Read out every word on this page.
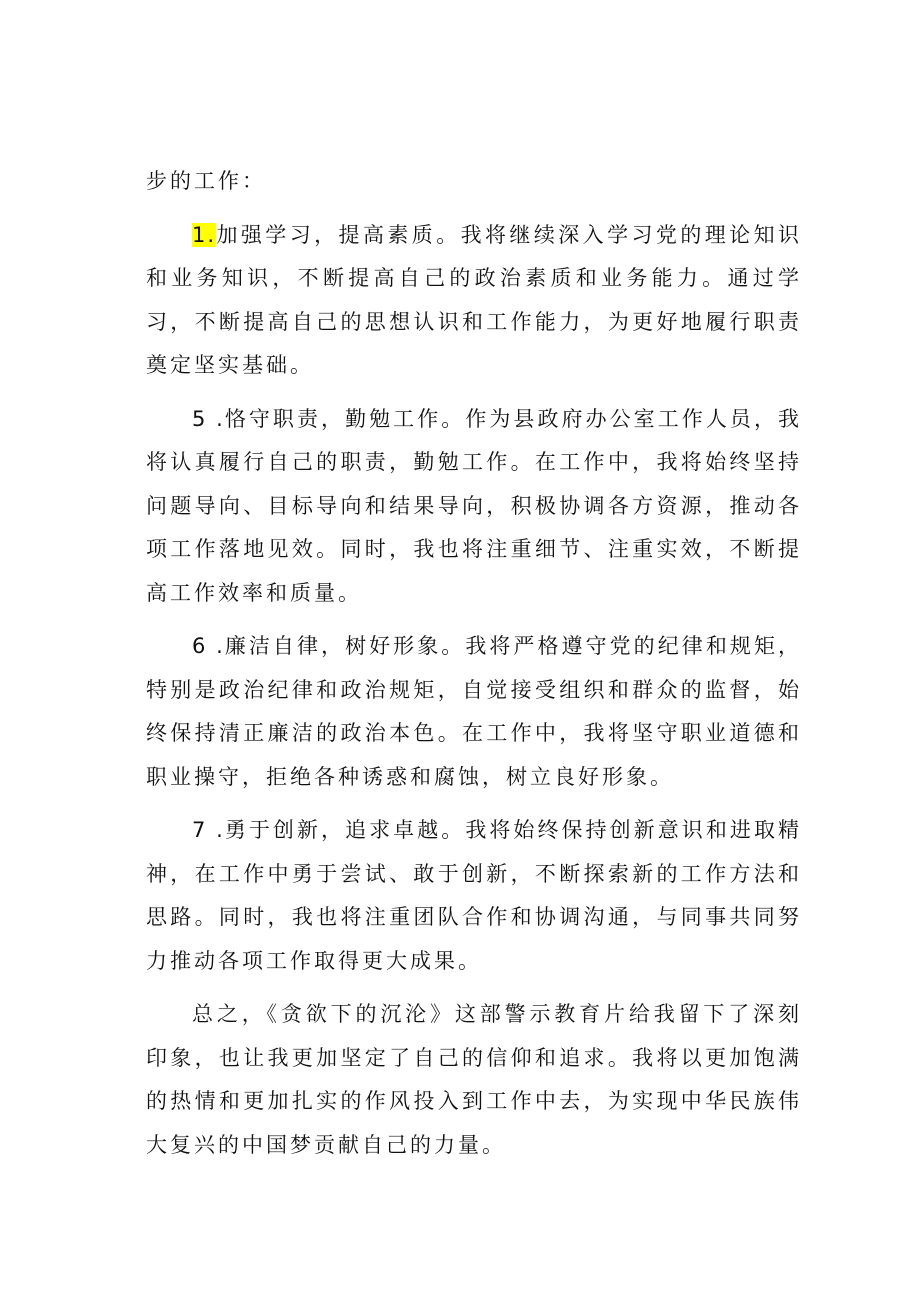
步的工作：

1.加强学习，提高素质。我将继续深入学习党的理论知识和业务知识，不断提高自己的政治素质和业务能力。通过学习，不断提高自己的思想认识和工作能力，为更好地履行职责奠定坚实基础。

5 .恪守职责，勤勉工作。作为县政府办公室工作人员，我将认真履行自己的职责，勤勉工作。在工作中，我将始终坚持问题导向、目标导向和结果导向，积极协调各方资源，推动各项工作落地见效。同时，我也将注重细节、注重实效，不断提高工作效率和质量。

6 .廉洁自律，树好形象。我将严格遵守党的纪律和规矩，特别是政治纪律和政治规矩，自觉接受组织和群众的监督，始终保持清正廉洁的政治本色。在工作中，我将坚守职业道德和职业操守，拒绝各种诱惑和腐蚀，树立良好形象。

7 .勇于创新，追求卓越。我将始终保持创新意识和进取精神，在工作中勇于尝试、敢于创新，不断探索新的工作方法和思路。同时，我也将注重团队合作和协调沟通，与同事共同努力推动各项工作取得更大成果。

总之，《贪欲下的沉沦》这部警示教育片给我留下了深刻印象，也让我更加坚定了自己的信仰和追求。我将以更加饱满的热情和更加扎实的作风投入到工作中去，为实现中华民族伟大复兴的中国梦贡献自己的力量。
